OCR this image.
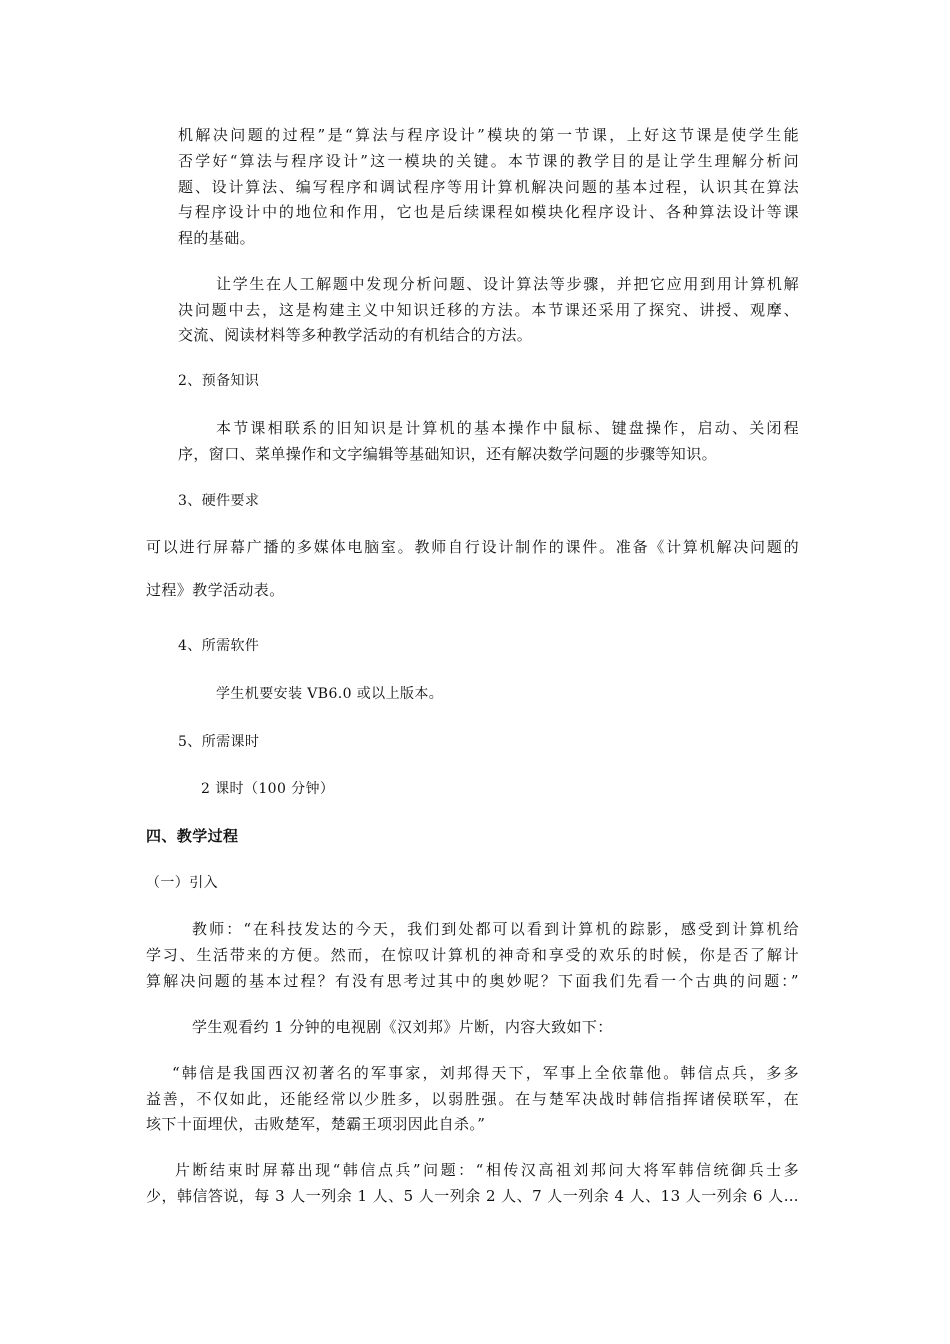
机解决问题的过程”是“算法与程序设计”模块的第一节课，上好这节课是使学生能

否学好“算法与程序设计”这一模块的关键。本节课的教学目的是让学生理解分析问

题、设计算法、编写程序和调试程序等用计算机解决问题的基本过程，认识其在算法

与程序设计中的地位和作用，它也是后续课程如模块化程序设计、各种算法设计等课

程的基础。

让学生在人工解题中发现分析问题、设计算法等步骤，并把它应用到用计算机解

决问题中去，这是构建主义中知识迁移的方法。本节课还采用了探究、讲授、观摩、

交流、阅读材料等多种教学活动的有机结合的方法。

2、预备知识

本节课相联系的旧知识是计算机的基本操作中鼠标、键盘操作，启动、关闭程

序，窗口、菜单操作和文字编辑等基础知识，还有解决数学问题的步骤等知识。

3、硬件要求

可以进行屏幕广播的多媒体电脑室。教师自行设计制作的课件。准备《计算机解决问题的

过程》教学活动表。

4、所需软件

学生机要安装 VB6.0 或以上版本。

5、所需课时

2 课时（100 分钟）

四、教学过程

（一）引入

教师：“在科技发达的今天，我们到处都可以看到计算机的踪影，感受到计算机给

学习、生活带来的方便。然而，在惊叹计算机的神奇和享受的欢乐的时候，你是否了解计

算解决问题的基本过程？有没有思考过其中的奥妙呢？下面我们先看一个古典的问题：”

学生观看约 1 分钟的电视剧《汉刘邦》片断，内容大致如下：

“韩信是我国西汉初著名的军事家，刘邦得天下，军事上全依靠他。韩信点兵，多多

益善，不仅如此，还能经常以少胜多，以弱胜强。在与楚军决战时韩信指挥诸侯联军，在

垓下十面埋伏，击败楚军，楚霸王项羽因此自杀。”

片断结束时屏幕出现“韩信点兵”问题：“相传汉高祖刘邦问大将军韩信统御兵士多

少，韩信答说，每 3 人一列余 1 人、5 人一列余 2 人、7 人一列余 4 人、13 人一列余 6 人…
